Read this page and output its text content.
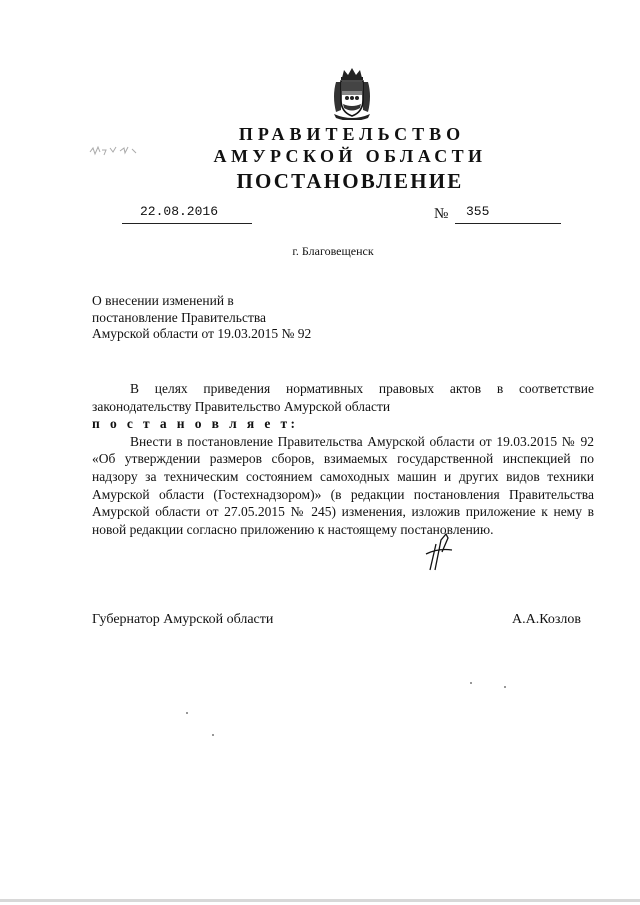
ПРАВИТЕЛЬСТВО
АМУРСКОЙ ОБЛАСТИ
ПОСТАНОВЛЕНИЕ
22.08.2016	№ 355
г. Благовещенск
О внесении изменений в
постановление Правительства
Амурской области от 19.03.2015 № 92

В целях приведения нормативных правовых актов в соответствие законодательству Правительство Амурской области

п о с т а н о в л я е т:

Внести в постановление Правительства Амурской области от 19.03.2015 № 92 «Об утверждении размеров сборов, взимаемых государственной инспекцией по надзору за техническим состоянием самоходных машин и других видов техники Амурской области (Гостехнадзором)» (в редакции постановления Правительства Амурской области от 27.05.2015 № 245) изменения, изложив приложение к нему в новой редакции согласно приложению к настоящему постановлению.

Губернатор Амурской области	А.А.Козлов
